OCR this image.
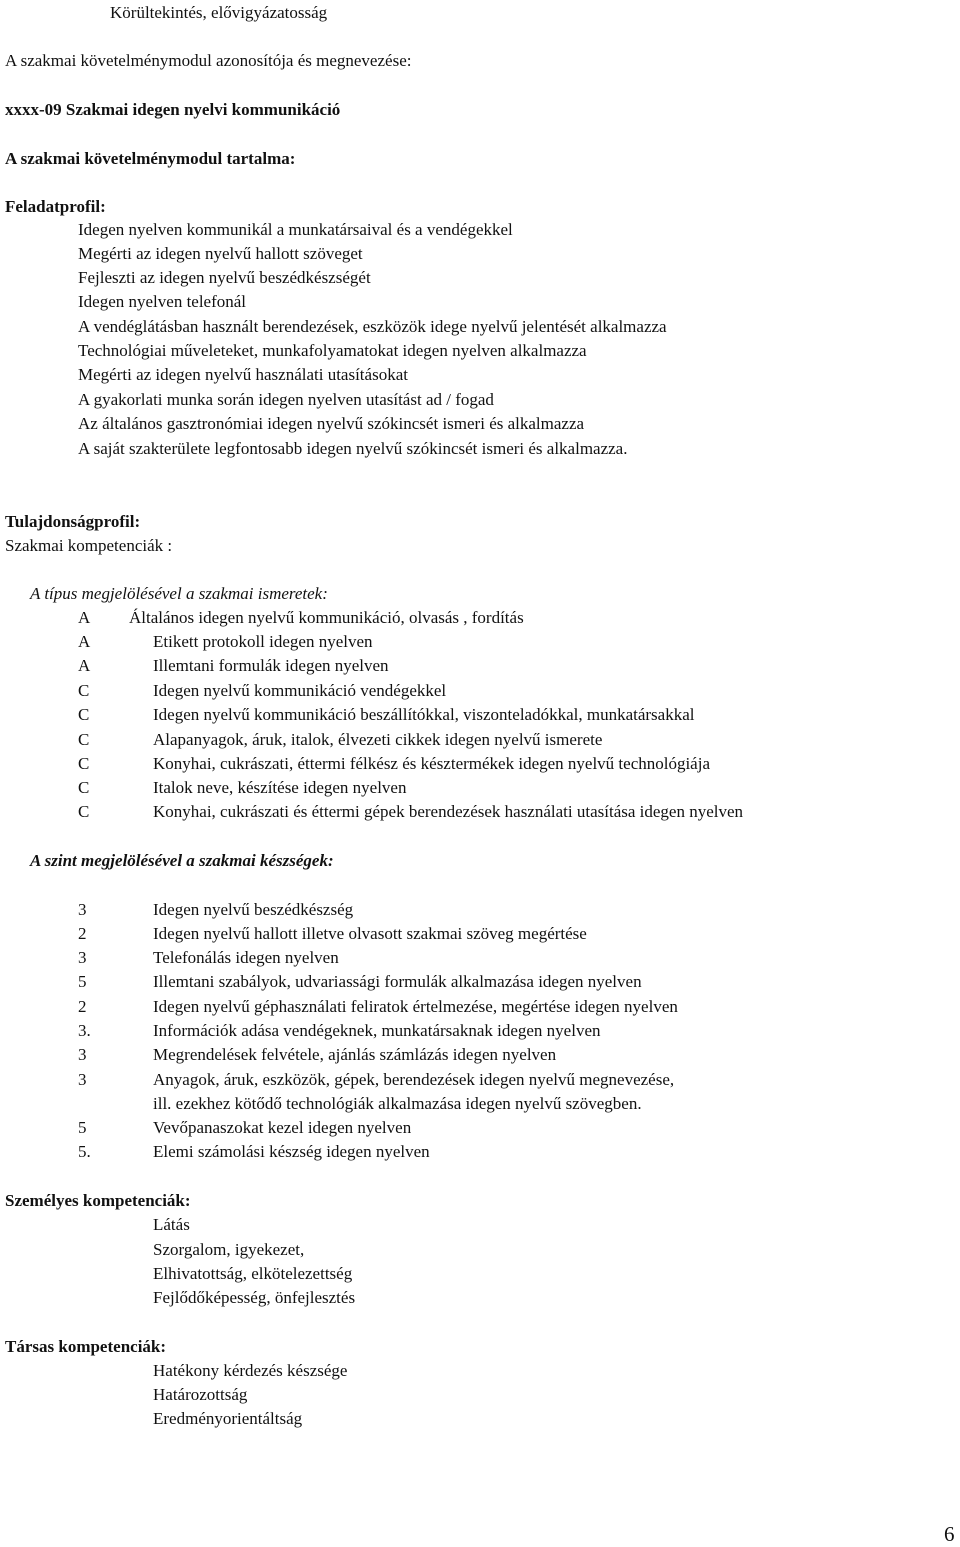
Körültekintés, elővigyázatosság
A szakmai követelménymodul azonosítója és megnevezése:
xxxx-09 Szakmai idegen nyelvi kommunikáció
A szakmai követelménymodul tartalma:
Feladatprofil:
Idegen nyelven kommunikál a munkatársaival és a vendégekkel
Megérti az idegen nyelvű hallott szöveget
Fejleszti az idegen nyelvű beszédkészségét
Idegen nyelven telefonál
A vendéglátásban használt berendezések, eszközök idege nyelvű jelentését alkalmazza
Technológiai műveleteket, munkafolyamatokat idegen nyelven alkalmazza
Megérti az idegen nyelvű használati utasításokat
A gyakorlati munka során idegen nyelven utasítást ad / fogad
Az általános gasztronómiai idegen nyelvű szókincsét ismeri és alkalmazza
A saját szakterülete legfontosabb idegen nyelvű szókincsét ismeri és alkalmazza.
Tulajdonságprofil:
Szakmai kompetenciák :
A típus megjelölésével a szakmai ismeretek:
A Általános idegen nyelvű kommunikáció, olvasás , fordítás
A	Etikett protokoll idegen nyelven
A	Illemtani formulák idegen nyelven
C	Idegen nyelvű kommunikáció vendégekkel
C	Idegen nyelvű kommunikáció beszállítókkal, viszonteladókkal, munkatársakkal
C	Alapanyagok, áruk, italok, élvezeti cikkek idegen nyelvű ismerete
C	Konyhai, cukrászati, éttermi félkész és késztermékek idegen nyelvű technológiája
C	Italok neve, készítése idegen nyelven
C	Konyhai, cukrászati és éttermi gépek berendezések használati utasítása idegen nyelven
A szint megjelölésével a szakmai készségek:
3	Idegen nyelvű beszédkészség
2	Idegen nyelvű hallott illetve olvasott szakmai szöveg megértése
3	Telefonálás idegen nyelven
5	Illemtani szabályok, udvariassági formulák alkalmazása idegen nyelven
2	Idegen nyelvű géphasználati feliratok értelmezése, megértése idegen nyelven
3.	Információk adása vendégeknek, munkatársaknak idegen nyelven
3	Megrendelések felvétele, ajánlás számlázás idegen nyelven
3	Anyagok, áruk, eszközök, gépek, berendezések idegen nyelvű megnevezése,
ill. ezekhez kötődő technológiák alkalmazása idegen nyelvű szövegben.
5	Vevőpanaszokat kezel idegen nyelven
5.	Elemi számolási készség idegen nyelven
Személyes kompetenciák:
Látás
Szorgalom, igyekezet,
Elhivatottság, elkötelezettség
Fejlődőképesség, önfejlesztés
Társas kompetenciák:
Hatékony kérdezés készsége
Határozottság
Eredményorientáltság
6
